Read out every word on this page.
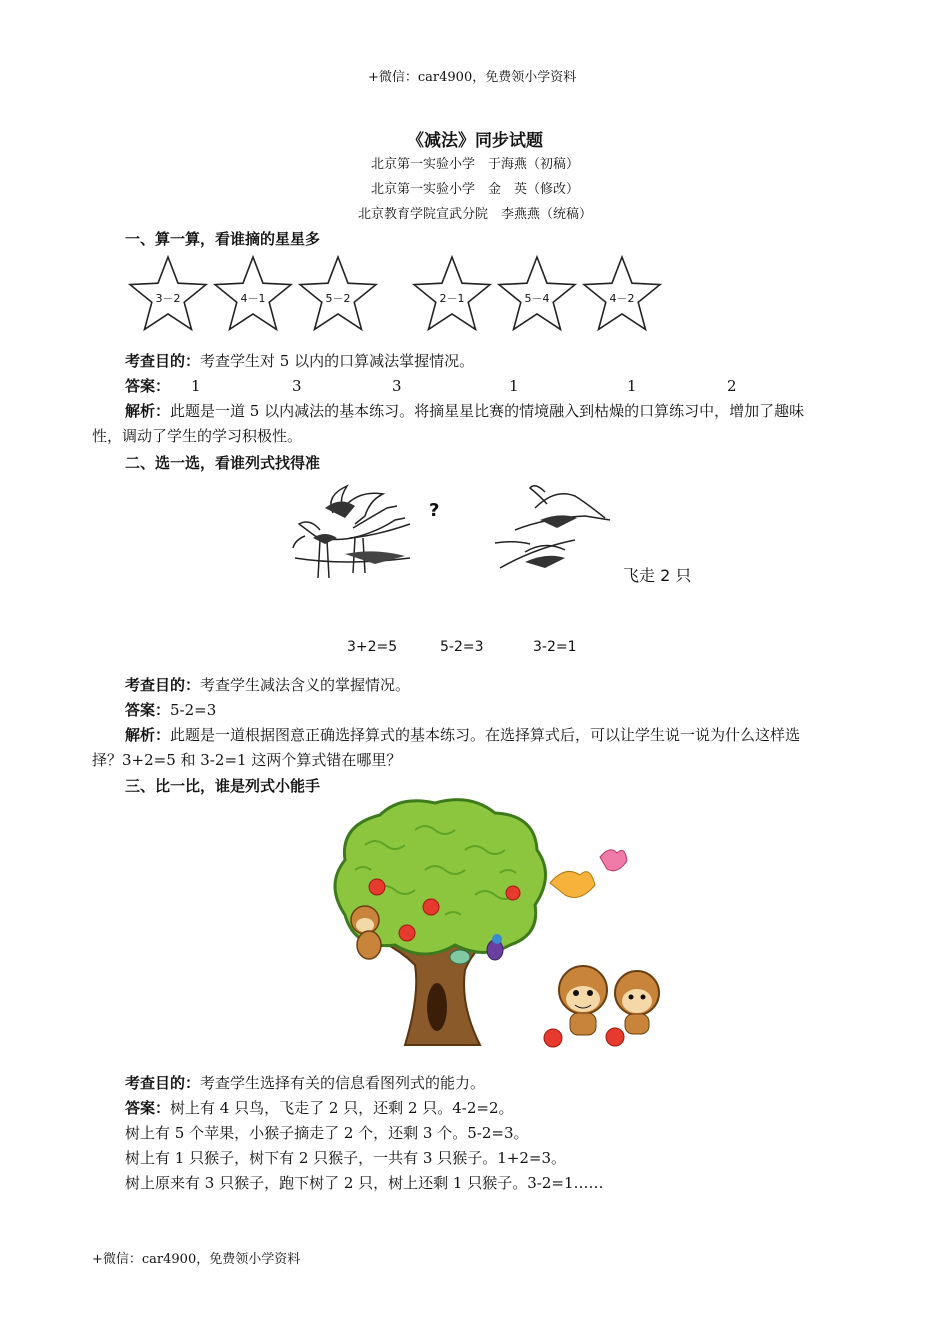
+微信：car4900，免费领小学资料
《减法》同步试题
北京第一实验小学　于海燕（初稿）
北京第一实验小学　金　英（修改）
北京教育学院宣武分院　李燕燕（统稿）
一、算一算，看谁摘的星星多
3－2	4－1	5－2	2－1	5－4	4－2
考查目的：考查学生对 5 以内的口算减法掌握情况。
答案： 1	3	3	1	1	2
解析：此题是一道 5 以内减法的基本练习。将摘星星比赛的情境融入到枯燥的口算练习中，增加了趣味
性，调动了学生的学习积极性。
二、选一选，看谁列式找得准
?
飞走 2 只
3+2=5	5-2=3	3-2=1
考查目的：考查学生减法含义的掌握情况。
答案：5-2=3
解析：此题是一道根据图意正确选择算式的基本练习。在选择算式后，可以让学生说一说为什么这样选
择？3+2=5 和 3-2=1 这两个算式错在哪里？
三、比一比，谁是列式小能手
考查目的：考查学生选择有关的信息看图列式的能力。
答案：树上有 4 只鸟，飞走了 2 只，还剩 2 只。4-2=2。
树上有 5 个苹果，小猴子摘走了 2 个，还剩 3 个。5-2=3。
树上有 1 只猴子，树下有 2 只猴子，一共有 3 只猴子。1+2=3。
树上原来有 3 只猴子，跑下树了 2 只，树上还剩 1 只猴子。3-2=1……
+微信：car4900，免费领小学资料
